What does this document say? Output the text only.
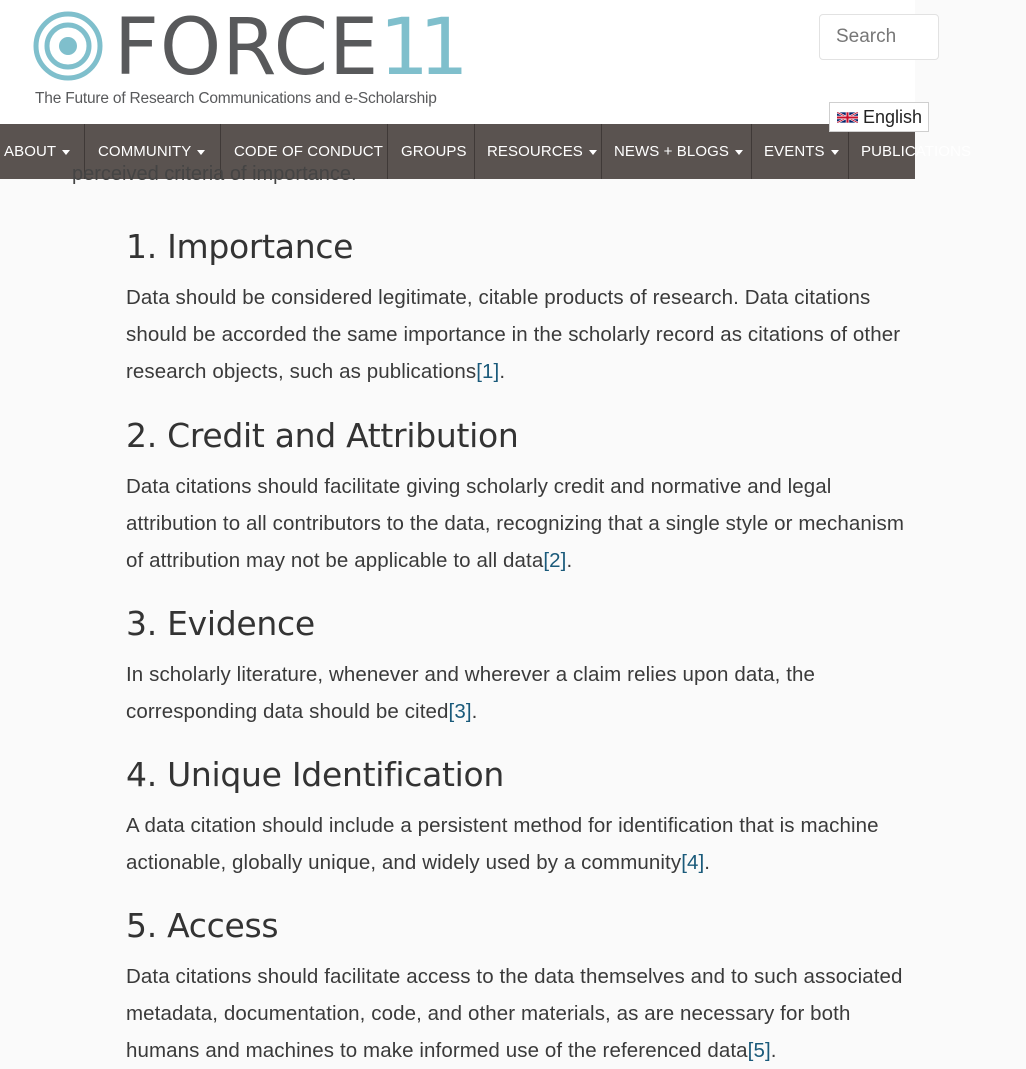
FORCE11
The Future of Research Communications and e-Scholarship
Search
English
ABOUT	COMMUNITY	CODE OF CONDUCT GROUPS RESOURCES NEWS + BLOGS EVENTS PUBLICATIONS
perceived criteria of importance.
1. Importance
Data should be considered legitimate, citable products of research. Data citations
should be accorded the same importance in the scholarly record as citations of other
research objects, such as publications[1].
2. Credit and Attribution
Data citations should facilitate giving scholarly credit and normative and legal
attribution to all contributors to the data, recognizing that a single style or mechanism
of attribution may not be applicable to all data[2].
3. Evidence
In scholarly literature, whenever and wherever a claim relies upon data, the
corresponding data should be cited[3].
4. Unique Identification
A data citation should include a persistent method for identification that is machine
actionable, globally unique, and widely used by a community[4].
5. Access
Data citations should facilitate access to the data themselves and to such associated
metadata, documentation, code, and other materials, as are necessary for both
humans and machines to make informed use of the referenced data[5].
